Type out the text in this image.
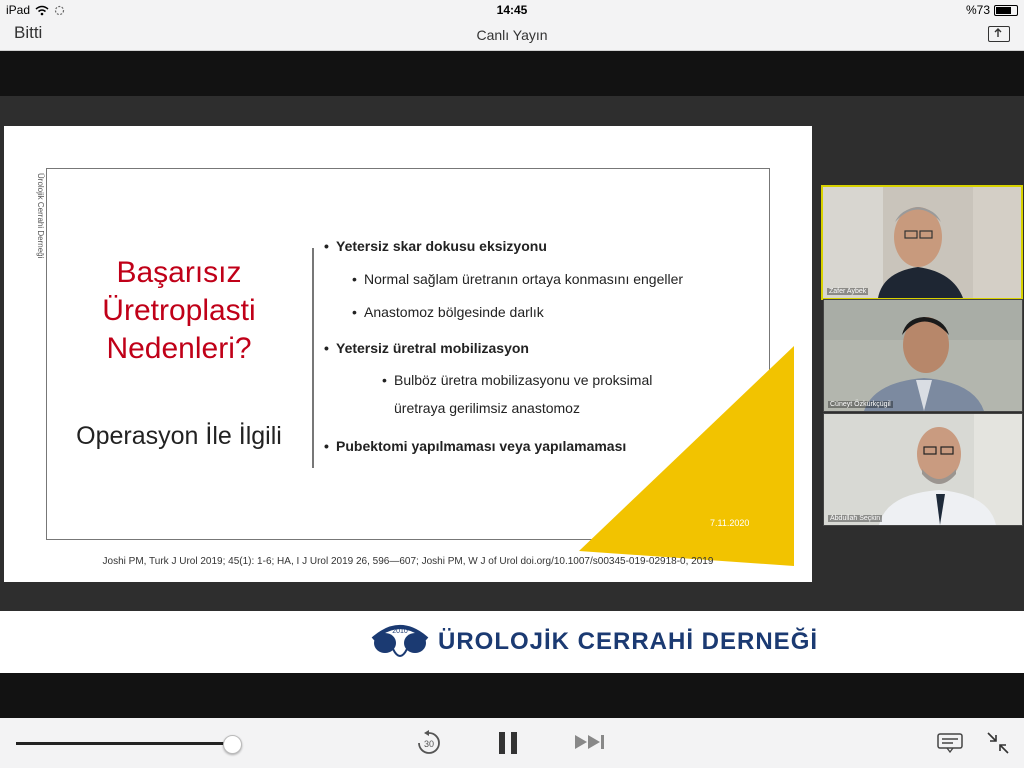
iPad	14:45	%73
Bitti	Canlı Yayın
Ürolojik Cerrahi Derneği
Başarısız
Üretroplasti
Nedenleri?
Operasyon İle İlgili
• Yetersiz skar dokusu eksizyonu
• Normal sağlam üretranın ortaya konmasını engeller
• Anastomoz bölgesinde darlık
• Yetersiz üretral mobilizasyon
• Bulböz üretra mobilizasyonu ve proksimal
üretraya gerilimsiz anastomoz
• Pubektomi yapılmaması veya yapılamaması
7.11.2020
Joshi PM, Turk J Urol 2019; 45(1): 1-6; HA, I J Urol 2019 26, 596—607; Joshi PM, W J of Urol doi.org/10.1007/s00345-019-02918-0, 2019
Zafer Aybek
Cüneyt Özkürkçügil
Abdullah Seçkin
2010 ÜROLOJİK CERRAHİ DERNEĞİ
30
